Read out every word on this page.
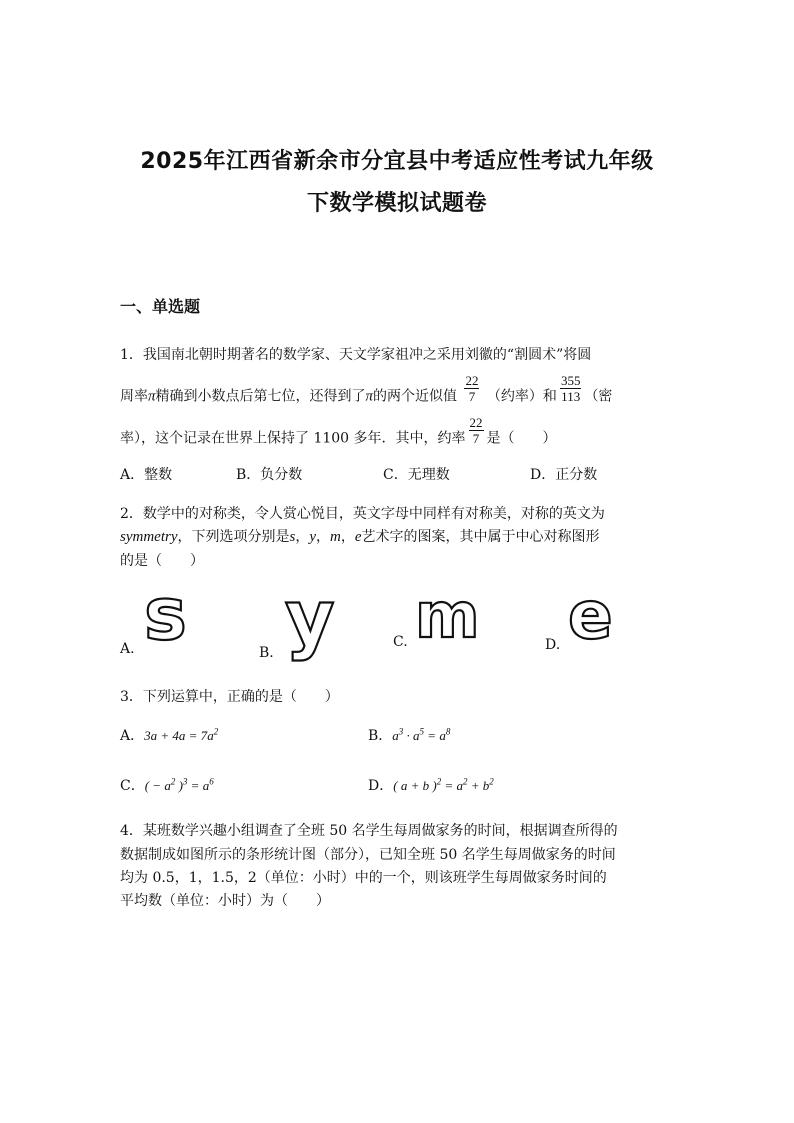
2025年江西省新余市分宜县中考适应性考试九年级
下数学模拟试题卷
一、单选题
1．我国南北朝时期著名的数学家、天文学家祖冲之采用刘徽的“割圆术”将圆
周率π精确到小数点后第七位，还得到了π的两个近似值 $\frac{22}{7}$ （约率）和 $\frac{355}{113}$ （密
率），这个记录在世界上保持了 1100 多年．其中，约率 $\frac{22}{7}$ 是（　　）
A．整数	B．负分数	C．无理数	D．正分数
2．数学中的对称类，令人赏心悦目，英文字母中同样有对称美，对称的英文为
symmetry，下列选项分别是s，y，m，e艺术字的图案，其中属于中心对称图形
的是（　　）
A. s	B. y	C. m	D. e
3．下列运算中，正确的是（　　）
A．$3a + 4a = 7a^2$	B．$a^3 \cdot a^5 = a^8$
C．( − $a^2$ )$^3 = a^6$	D．( a + b )$^2 = a^2 + b^2$
4．某班数学兴趣小组调查了全班 50 名学生每周做家务的时间，根据调查所得的
数据制成如图所示的条形统计图（部分），已知全班 50 名学生每周做家务的时间
均为 0.5，1，1.5，2（单位：小时）中的一个，则该班学生每周做家务时间的
平均数（单位：小时）为（　　）
